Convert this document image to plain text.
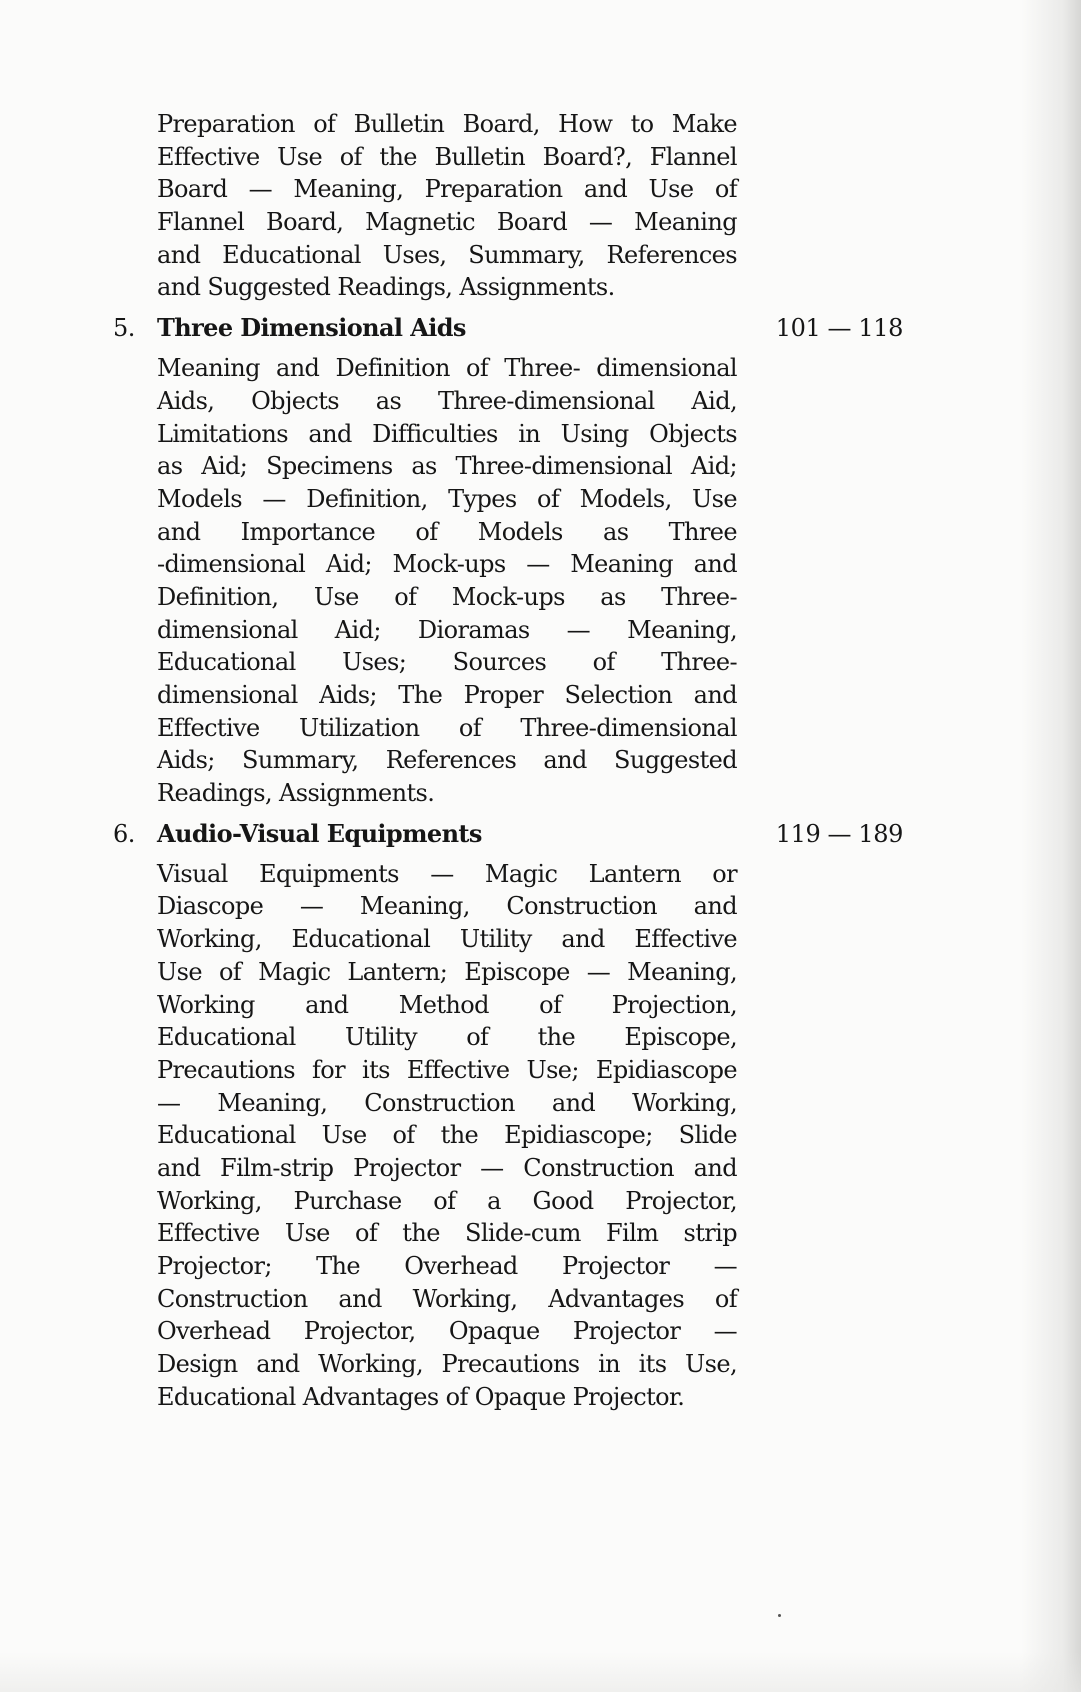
Preparation of Bulletin Board, How to Make
Effective Use of the Bulletin Board?, Flannel
Board — Meaning, Preparation and Use of
Flannel Board, Magnetic Board — Meaning
and Educational Uses, Summary, References
and Suggested Readings, Assignments.
5. Three Dimensional Aids	101 — 118
Meaning and Definition of Three- dimensional
Aids, Objects as Three-dimensional Aid,
Limitations and Difficulties in Using Objects
as Aid; Specimens as Three-dimensional Aid;
Models — Definition, Types of Models, Use
and Importance of Models as Three
-dimensional Aid; Mock-ups — Meaning and
Definition, Use of Mock-ups as Three-
dimensional Aid; Dioramas — Meaning,
Educational Uses; Sources of Three-
dimensional Aids; The Proper Selection and
Effective Utilization of Three-dimensional
Aids; Summary, References and Suggested
Readings, Assignments.
6. Audio-Visual Equipments	119 — 189
Visual Equipments — Magic Lantern or
Diascope — Meaning, Construction and
Working, Educational Utility and Effective
Use of Magic Lantern; Episcope — Meaning,
Working and Method of Projection,
Educational Utility of the Episcope,
Precautions for its Effective Use; Epidiascope
— Meaning, Construction and Working,
Educational Use of the Epidiascope; Slide
and Film-strip Projector — Construction and
Working, Purchase of a Good Projector,
Effective Use of the Slide-cum Film strip
Projector; The Overhead Projector —
Construction and Working, Advantages of
Overhead Projector, Opaque Projector —
Design and Working, Precautions in its Use,
Educational Advantages of Opaque Projector.
